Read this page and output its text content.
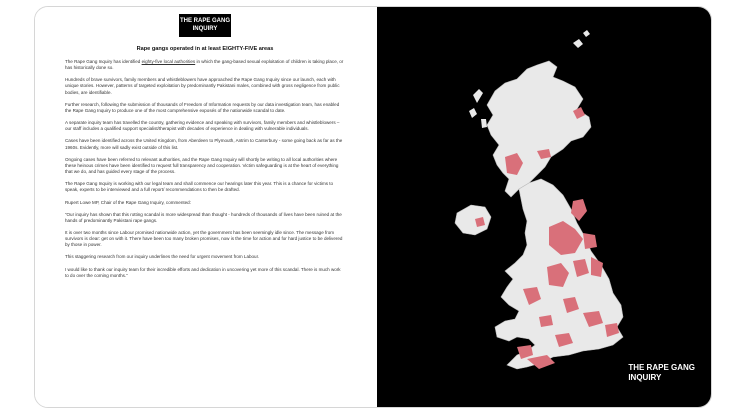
THE RAPE GANG
INQUIRY

Rape gangs operated in at least EIGHTY-FIVE areas

The Rape Gang Inquiry has identified eighty-five local authorities in which the gang-based sexual exploitation of children is taking place, or has historically done so.

Hundreds of brave survivors, family members and whistleblowers have approached the Rape Gang Inquiry since our launch, each with unique stories. However, patterns of targeted exploitation by predominantly Pakistani males, combined with gross negligence from public bodies, are identifiable.

Further research, following the submission of thousands of Freedom of Information requests by our data investigation team, has enabled the Rape Gang Inquiry to produce one of the most comprehensive exposés of the nationwide scandal to date.

A separate inquiry team has travelled the country, gathering evidence and speaking with survivors, family members and whistleblowers – our staff includes a qualified support specialist/therapist with decades of experience in dealing with vulnerable individuals.

Cases have been identified across the United Kingdom, from Aberdeen to Plymouth, Antrim to Canterbury - some going back as far as the 1960s. Evidently, more will sadly exist outside of this list.

Ongoing cases have been referred to relevant authorities, and the Rape Gang Inquiry will shortly be writing to all local authorities where these heinous crimes have been identified to request full transparency and cooperation. Victim safeguarding is at the heart of everything that we do, and has guided every stage of the process.

The Rape Gang Inquiry is working with our legal team and shall commence our hearings later this year. This is a chance for victims to speak, experts to be interviewed and a full report/ recommendations to then be drafted.

Rupert Lowe MP, Chair of the Rape Gang Inquiry, commented:

“Our inquiry has shown that this rotting scandal is more widespread than thought - hundreds of thousands of lives have been ruined at the hands of predominantly Pakistani rape gangs.

It is over two months since Labour promised nationwide action, yet the government has been seemingly idle since. The message from survivors is clear: get on with it. There have been too many broken promises, now is the time for action and for hard justice to be delivered by those in power.

This staggering research from our inquiry underlines the need for urgent movement from Labour.

I would like to thank our inquiry team for their incredible efforts and dedication in uncovering yet more of this scandal. There is much work to do over the coming months.”

THE RAPE GANG
INQUIRY
